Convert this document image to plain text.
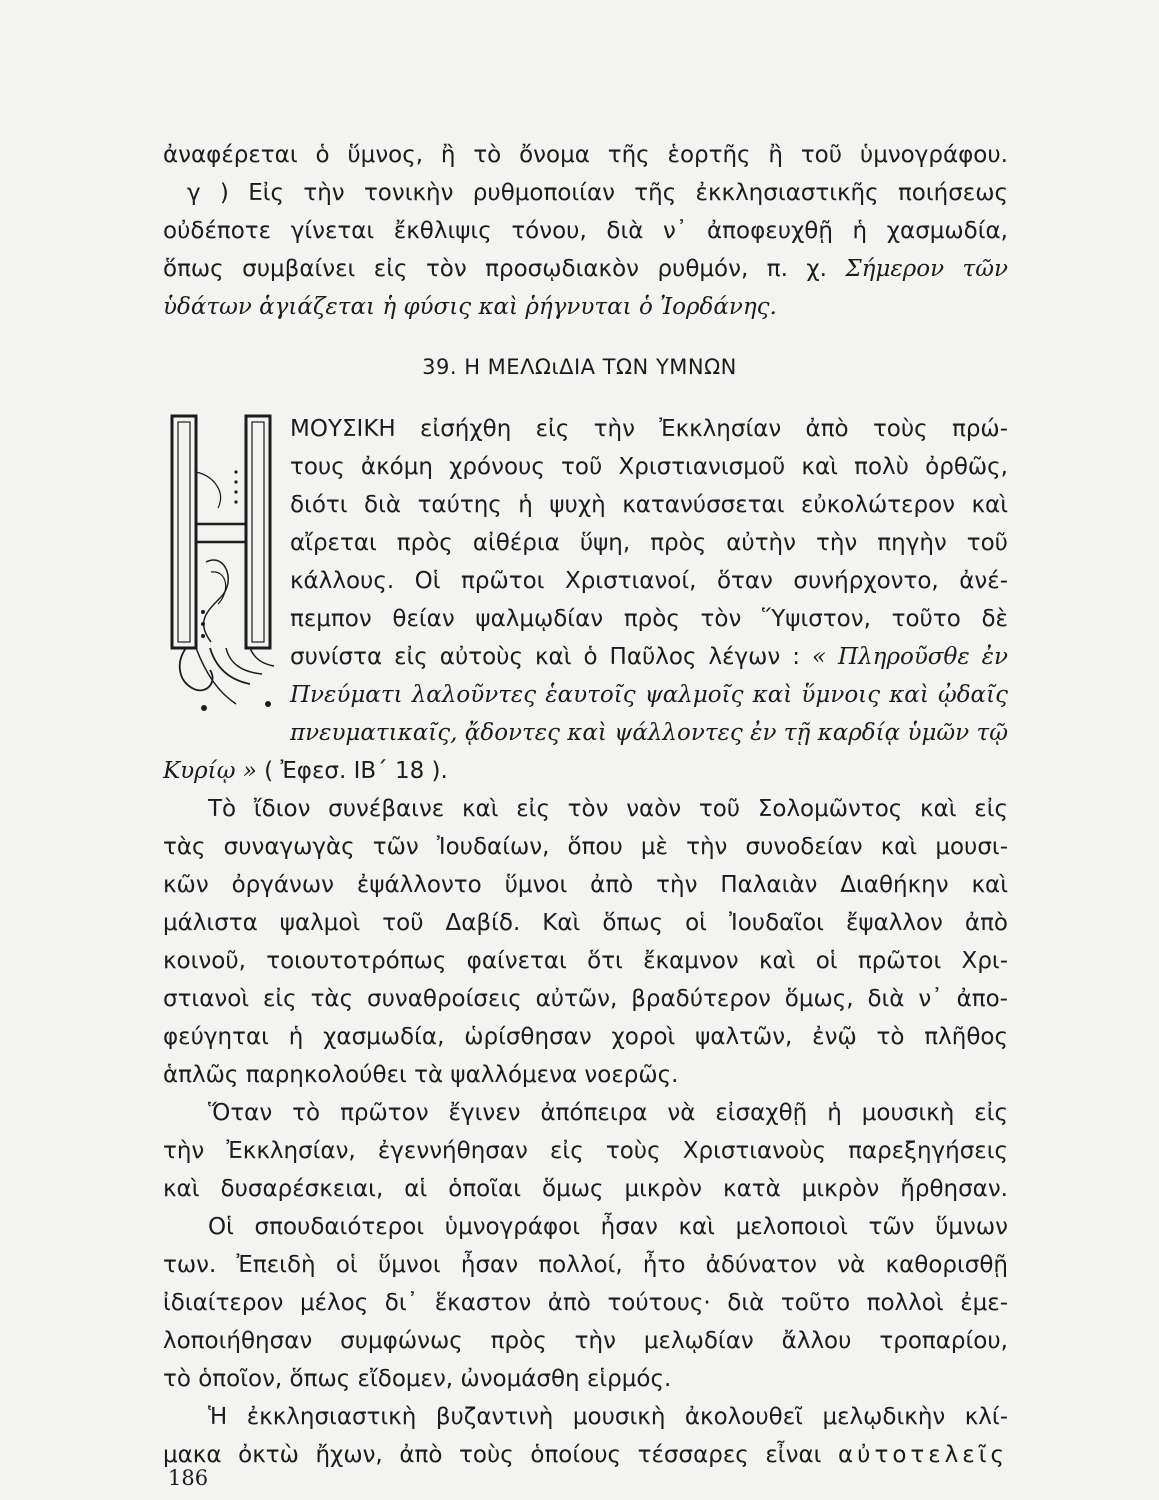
ἀναφέρεται ὁ ὕμνος, ἢ τὸ ὄνομα τῆς ἑορτῆς ἢ τοῦ ὑμνογράφου.
γ ) Εἰς τὴν τονικὴν ρυθμοποιίαν τῆς ἐκκλησιαστικῆς ποιήσεως
οὐδέποτε γίνεται ἔκθλιψις τόνου, διὰ ν᾿ ἀποφευχθῇ ἡ χασμωδία,
ὅπως συμβαίνει εἰς τὸν προσῳδιακὸν ρυθμόν, π. χ. Σήμερον τῶν
ὑδάτων ἁγιάζεται ἡ φύσις καὶ ῥήγνυται ὁ Ἰορδάνης.
39. Η ΜΕΛΩιΔΙΑ ΤΩΝ ΥΜΝΩΝ
ΜΟΥΣΙΚΗ εἰσήχθη εἰς τὴν Ἐκκλησίαν ἀπὸ τοὺς πρώ-
τους ἀκόμη χρόνους τοῦ Χριστιανισμοῦ καὶ πολὺ ὀρθῶς,
διότι διὰ ταύτης ἡ ψυχὴ κατανύσσεται εὐκολώτερον καὶ
αἴρεται πρὸς αἰθέρια ὕψη, πρὸς αὐτὴν τὴν πηγὴν τοῦ
κάλλους. Οἱ πρῶτοι Χριστιανοί, ὅταν συνήρχοντο, ἀνέ-
πεμπον θείαν ψαλμῳδίαν πρὸς τὸν Ὕψιστον, τοῦτο δὲ
συνίστα εἰς αὐτοὺς καὶ ὁ Παῦλος λέγων : « Πληροῦσθε ἐν
Πνεύματι λαλοῦντες ἑαυτοῖς ψαλμοῖς καὶ ὕμνοις καὶ ᾠδαῖς
πνευματικαῖς, ᾄδοντες καὶ ψάλλοντες ἐν τῇ καρδίᾳ ὑμῶν τῷ
Κυρίῳ » ( Ἐφεσ. ΙΒ΄ 18 ).
Τὸ ἴδιον συνέβαινε καὶ εἰς τὸν ναὸν τοῦ Σολομῶντος καὶ εἰς
τὰς συναγωγὰς τῶν Ἰουδαίων, ὅπου μὲ τὴν συνοδείαν καὶ μουσι-
κῶν ὀργάνων ἐψάλλοντο ὕμνοι ἀπὸ τὴν Παλαιὰν Διαθήκην καὶ
μάλιστα ψαλμοὶ τοῦ Δαβίδ. Καὶ ὅπως οἱ Ἰουδαῖοι ἔψαλλον ἀπὸ
κοινοῦ, τοιουτοτρόπως φαίνεται ὅτι ἔκαμνον καὶ οἱ πρῶτοι Χρι-
στιανοὶ εἰς τὰς συναθροίσεις αὐτῶν, βραδύτερον ὅμως, διὰ ν᾿ ἀπο-
φεύγηται ἡ χασμωδία, ὡρίσθησαν χοροὶ ψαλτῶν, ἐνῷ τὸ πλῆθος
ἁπλῶς παρηκολούθει τὰ ψαλλόμενα νοερῶς.
Ὅταν τὸ πρῶτον ἔγινεν ἀπόπειρα νὰ εἰσαχθῇ ἡ μουσικὴ εἰς
τὴν Ἐκκλησίαν, ἐγεννήθησαν εἰς τοὺς Χριστιανοὺς παρεξηγήσεις
καὶ δυσαρέσκειαι, αἱ ὁποῖαι ὅμως μικρὸν κατὰ μικρὸν ἤρθησαν.
Οἱ σπουδαιότεροι ὑμνογράφοι ἦσαν καὶ μελοποιοὶ τῶν ὕμνων
των. Ἐπειδὴ οἱ ὕμνοι ἦσαν πολλοί, ἦτο ἀδύνατον νὰ καθορισθῇ
ἰδιαίτερον μέλος δι᾿ ἕκαστον ἀπὸ τούτους· διὰ τοῦτο πολλοὶ ἐμε-
λοποιήθησαν συμφώνως πρὸς τὴν μελῳδίαν ἄλλου τροπαρίου,
τὸ ὁποῖον, ὅπως εἴδομεν, ὠνομάσθη εἱρμός.
Ἡ ἐκκλησιαστικὴ βυζαντινὴ μουσικὴ ἀκολουθεῖ μελῳδικὴν κλί-
μακα ὀκτὼ ἤχων, ἀπὸ τοὺς ὁποίους τέσσαρες εἶναι αὐτοτελεῖς
186
